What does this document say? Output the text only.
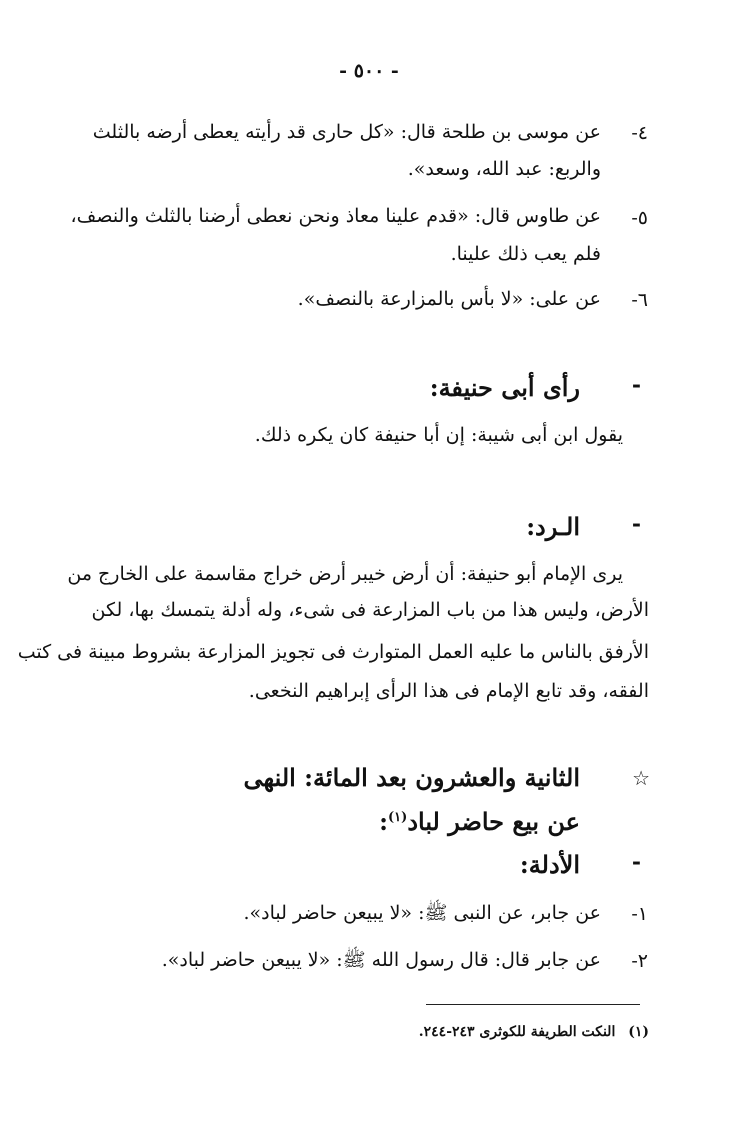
- ٥٠٠ -
٤-
عن موسى بن طلحة قال: «كل حارى قد رأيته يعطى أرضه بالثلث
والربع: عبد الله، وسعد».
٥-
عن طاوس قال: «قدم علينا معاذ ونحن نعطى أرضنا بالثلث والنصف،
فلم يعب ذلك علينا.
٦-
عن على: «لا بأس بالمزارعة بالنصف».
-
رأى أبى حنيفة:
يقول ابن أبى شيبة: إن أبا حنيفة كان يكره ذلك.
-
الـرد:
يرى الإمام أبو حنيفة: أن أرض خيبر أرض خراج مقاسمة على الخارج من
الأرض، وليس هذا من باب المزارعة فى شىء، وله أدلة يتمسك بها، لكن
الأرفق بالناس ما عليه العمل المتوارث فى تجويز المزارعة بشروط مبينة فى كتب
الفقه، وقد تابع الإمام فى هذا الرأى إبراهيم النخعى.
☆
الثانية والعشرون بعد المائة: النهى
عن بيع حاضر لباد$^{(١)}$:
-
الأدلة:
١-
عن جابر، عن النبى ﷺ: «لا يبيعن حاضر لباد».
٢-
عن جابر قال: قال رسول الله ﷺ: «لا يبيعن حاضر لباد».
(١) النكت الطريفة للكوثرى ٢٤٣-٢٤٤.
